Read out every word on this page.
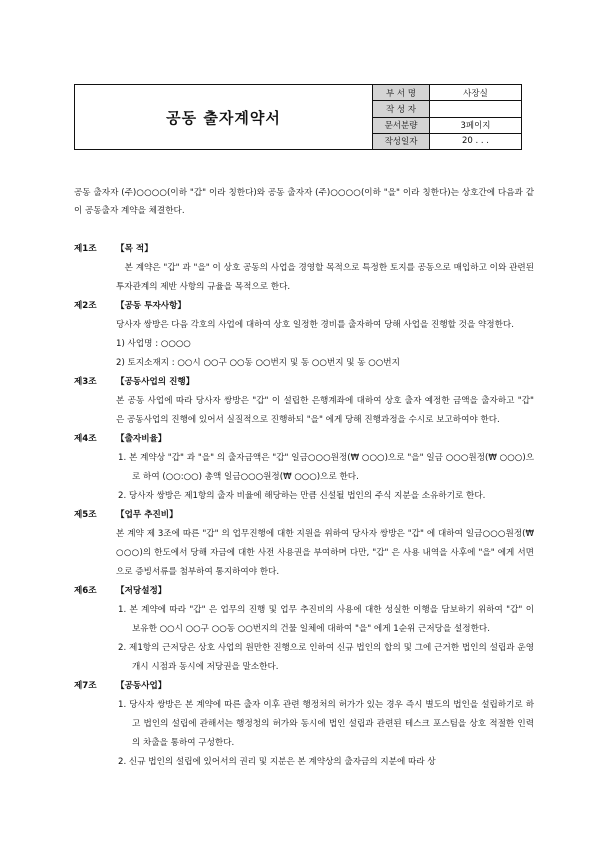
공동 출자계약서
부 서 명	사장실
작 성 자
문서분량	3페이지
작성일자	20 . . .

공동 출자자 (주)○○○○(이하 "갑" 이라 칭한다)와 공동 출자자 (주)○○○○(이하 "을" 이라 칭한다)는 상호간에 다음과 같이 공동출자 계약을 체결한다.

제1조 【목 적】

본 계약은 "갑" 과 "을" 이 상호 공동의 사업을 경영할 목적으로 특정한 토지를 공동으로 매입하고 이와 관련된 투자관계의 제반 사항의 규율을 목적으로 한다.

제2조 【공동 투자사항】

당사자 쌍방은 다음 각호의 사업에 대하여 상호 일정한 경비를 출자하여 당해 사업을 진행할 것을 약정한다.

1) 사업명 : ○○○○

2) 토지소재지 : ○○시 ○○구 ○○동 ○○번지 및 동 ○○번지 및 동 ○○번지

제3조 【공동사업의 진행】

본 공동 사업에 따라 당사자 쌍방은 "갑" 이 설립한 은행계좌에 대하여 상호 출자 예정한 금액을 출자하고 "갑" 은 공동사업의 진행에 있어서 실질적으로 진행하되 "을" 에게 당해 진행과정을 수시로 보고하여야 한다.

제4조 【출자비율】

1. 본 계약상 "갑" 과 "을" 의 출자금액은 "갑" 일금○○○원정(₩ ○○○)으로 "을" 일금 ○○○원정(₩ ○○○)으로 하여 (○○:○○) 총액 일금○○○원정(₩ ○○○)으로 한다.

2. 당사자 쌍방은 제1항의 출자 비율에 해당하는 만큼 신설될 법인의 주식 지분을 소유하기로 한다.

제5조 【업무 추진비】

본 계약 제 3조에 따른 "갑" 의 업무진행에 대한 지원을 위하여 당사자 쌍방은 "갑" 에 대하여 일금○○○원정(₩ ○○○)의 한도에서 당해 자금에 대한 사전 사용권을 부여하며 다만, "갑" 은 사용 내역을 사후에 "을" 에게 서면으로 증빙서류를 첨부하여 통지하여야 한다.

제6조 【저당설정】

1. 본 계약에 따라 "갑" 은 업무의 진행 및 업무 추진비의 사용에 대한 성실한 이행을 담보하기 위하여 "갑" 이 보유한 ○○시 ○○구 ○○동 ○○번지의 건물 일체에 대하여 "을" 에게 1순위 근저당을 설정한다.

2. 제1항의 근저당은 상호 사업의 원만한 진행으로 인하여 신규 법인의 합의 및 그에 근거한 법인의 설립과 운영개시 시점과 동시에 저당권을 말소한다.

제7조 【공동사업】

1. 당사자 쌍방은 본 계약에 따른 출자 이후 관련 행정처의 허가가 있는 경우 즉시 별도의 법인을 설립하기로 하고 법인의 설립에 관해서는 행정청의 허가와 동시에 법인 설립과 관련된 테스크 포스팀을 상호 적절한 인력의 차출을 통하여 구성한다.

2. 신규 법인의 설립에 있어서의 권리 및 지분은 본 계약상의 출자금의 지분에 따라 상
